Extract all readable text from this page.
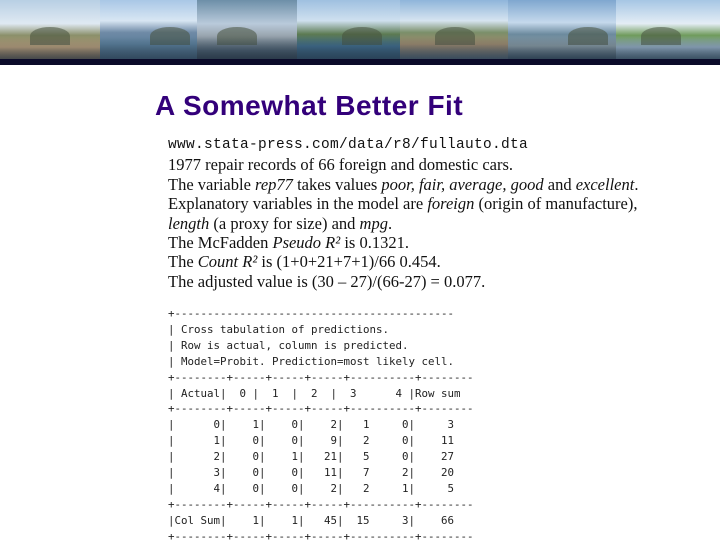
A Somewhat Better Fit
www.stata-press.com/data/r8/fullauto.dta
1977 repair records of 66 foreign and domestic cars.
The variable rep77 takes values poor, fair, average, good and excellent.
Explanatory variables in the model are foreign (origin of manufacture),
length (a proxy for size) and mpg.
The McFadden Pseudo R² is 0.1321.
The Count R² is (1+0+21+7+1)/66 0.454.
The adjusted value is (30 – 27)/(66-27) = 0.077.
+-------------------------------------------
| Cross tabulation of predictions.
| Row is actual, column is predicted.
| Model=Probit. Prediction=most likely cell.
+--------+-----+-----+-----+----------+--------
| Actual|  0 |  1  |  2  |  3      4 |Row sum
+--------+-----+-----+-----+----------+--------
|      0|    1|    0|    2|   1     0|     3
|      1|    0|    0|    9|   2     0|    11
|      2|    0|    1|   21|   5     0|    27
|      3|    0|    0|   11|   7     2|    20
|      4|    0|    0|    2|   2     1|     5
+--------+-----+-----+-----+----------+--------
|Col Sum|    1|    1|   45|  15     3|    66
+--------+-----+-----+-----+----------+--------
